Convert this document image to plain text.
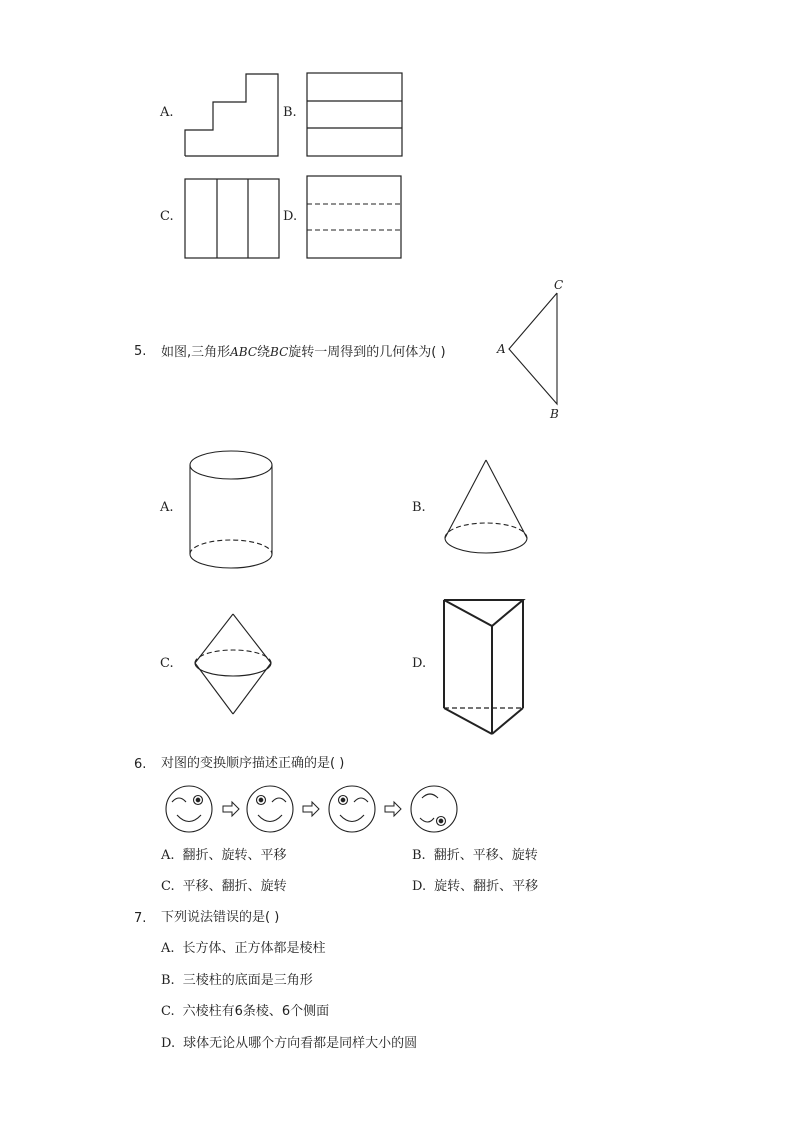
A.	B.
C.	D.
5. 如图,三角形ABC绕BC旋转一周得到的几何体为( )
C
A
B
A.	B.
C.	D.
6. 对图的变换顺序描述正确的是( )
A. 翻折、旋转、平移	B. 翻折、平移、旋转
C. 平移、翻折、旋转	D. 旋转、翻折、平移
7. 下列说法错误的是( )
A. 长方体、正方体都是棱柱
B. 三棱柱的底面是三角形
C. 六棱柱有6条棱、6个侧面
D. 球体无论从哪个方向看都是同样大小的圆
